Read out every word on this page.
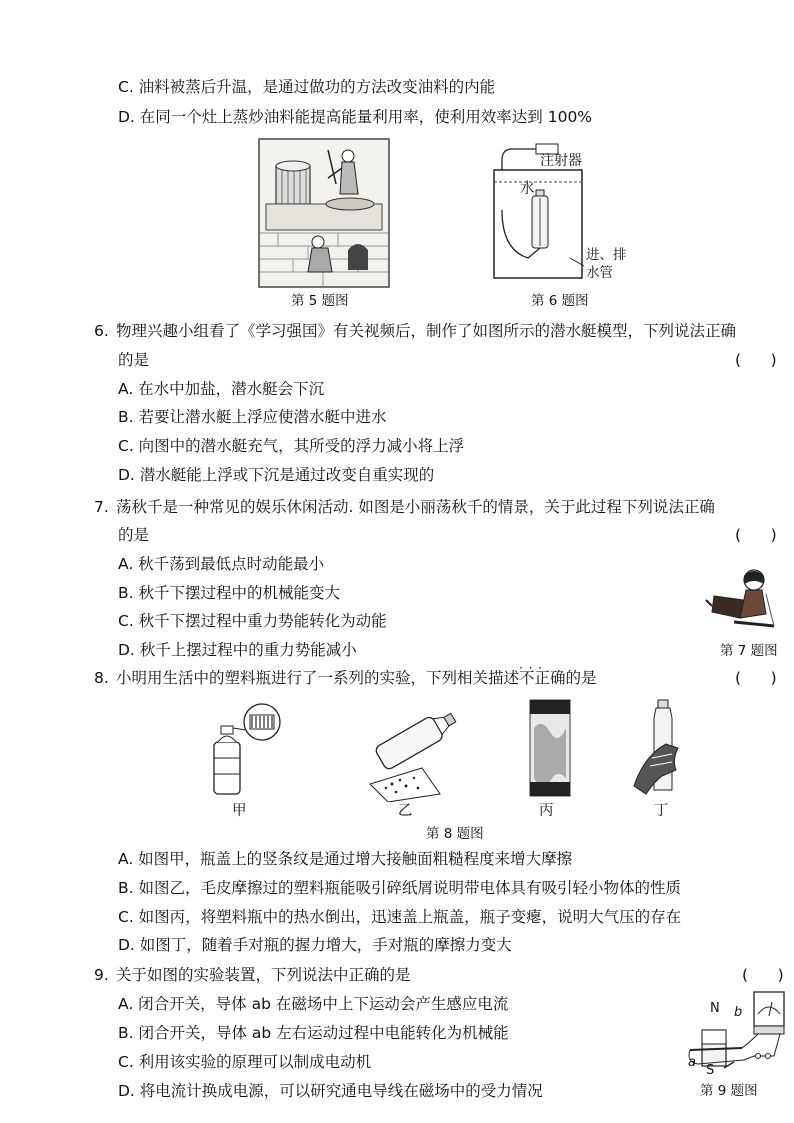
C. 油料被蒸后升温，是通过做功的方法改变油料的内能
D. 在同一个灶上蒸炒油料能提高能量利用率，使利用效率达到 100%
第 5 题图
注射器
水
进、排
水管
第 6 题图
6. 物理兴趣小组看了《学习强国》有关视频后，制作了如图所示的潜水艇模型，下列说法正确
的是	(      )
A. 在水中加盐，潜水艇会下沉
B. 若要让潜水艇上浮应使潜水艇中进水
C. 向图中的潜水艇充气，其所受的浮力减小将上浮
D. 潜水艇能上浮或下沉是通过改变自重实现的
7. 荡秋千是一种常见的娱乐休闲活动. 如图是小丽荡秋千的情景，关于此过程下列说法正确
的是	(      )
A. 秋千荡到最低点时动能最小
B. 秋千下摆过程中的机械能变大
C. 秋千下摆过程中重力势能转化为动能
D. 秋千上摆过程中的重力势能减小	第 7 题图
8. 小明用生活中的塑料瓶进行了一系列的实验，下列相关描述不正确 · · ·的是	(      )
甲	乙	丙	丁
第 8 题图
A. 如图甲，瓶盖上的竖条纹是通过增大接触面粗糙程度来增大摩擦
B. 如图乙，毛皮摩擦过的塑料瓶能吸引碎纸屑说明带电体具有吸引轻小物体的性质
C. 如图丙，将塑料瓶中的热水倒出，迅速盖上瓶盖，瓶子变瘪，说明大气压的存在
D. 如图丁，随着手对瓶的握力增大，手对瓶的摩擦力变大
9. 关于如图的实验装置，下列说法中正确的是	(      )
A. 闭合开关，导体 ab 在磁场中上下运动会产生感应电流
B. 闭合开关，导体 ab 左右运动过程中电能转化为机械能
C. 利用该实验的原理可以制成电动机
D. 将电流计换成电源，可以研究通电导线在磁场中的受力情况
N b
a
S
第 9 题图
